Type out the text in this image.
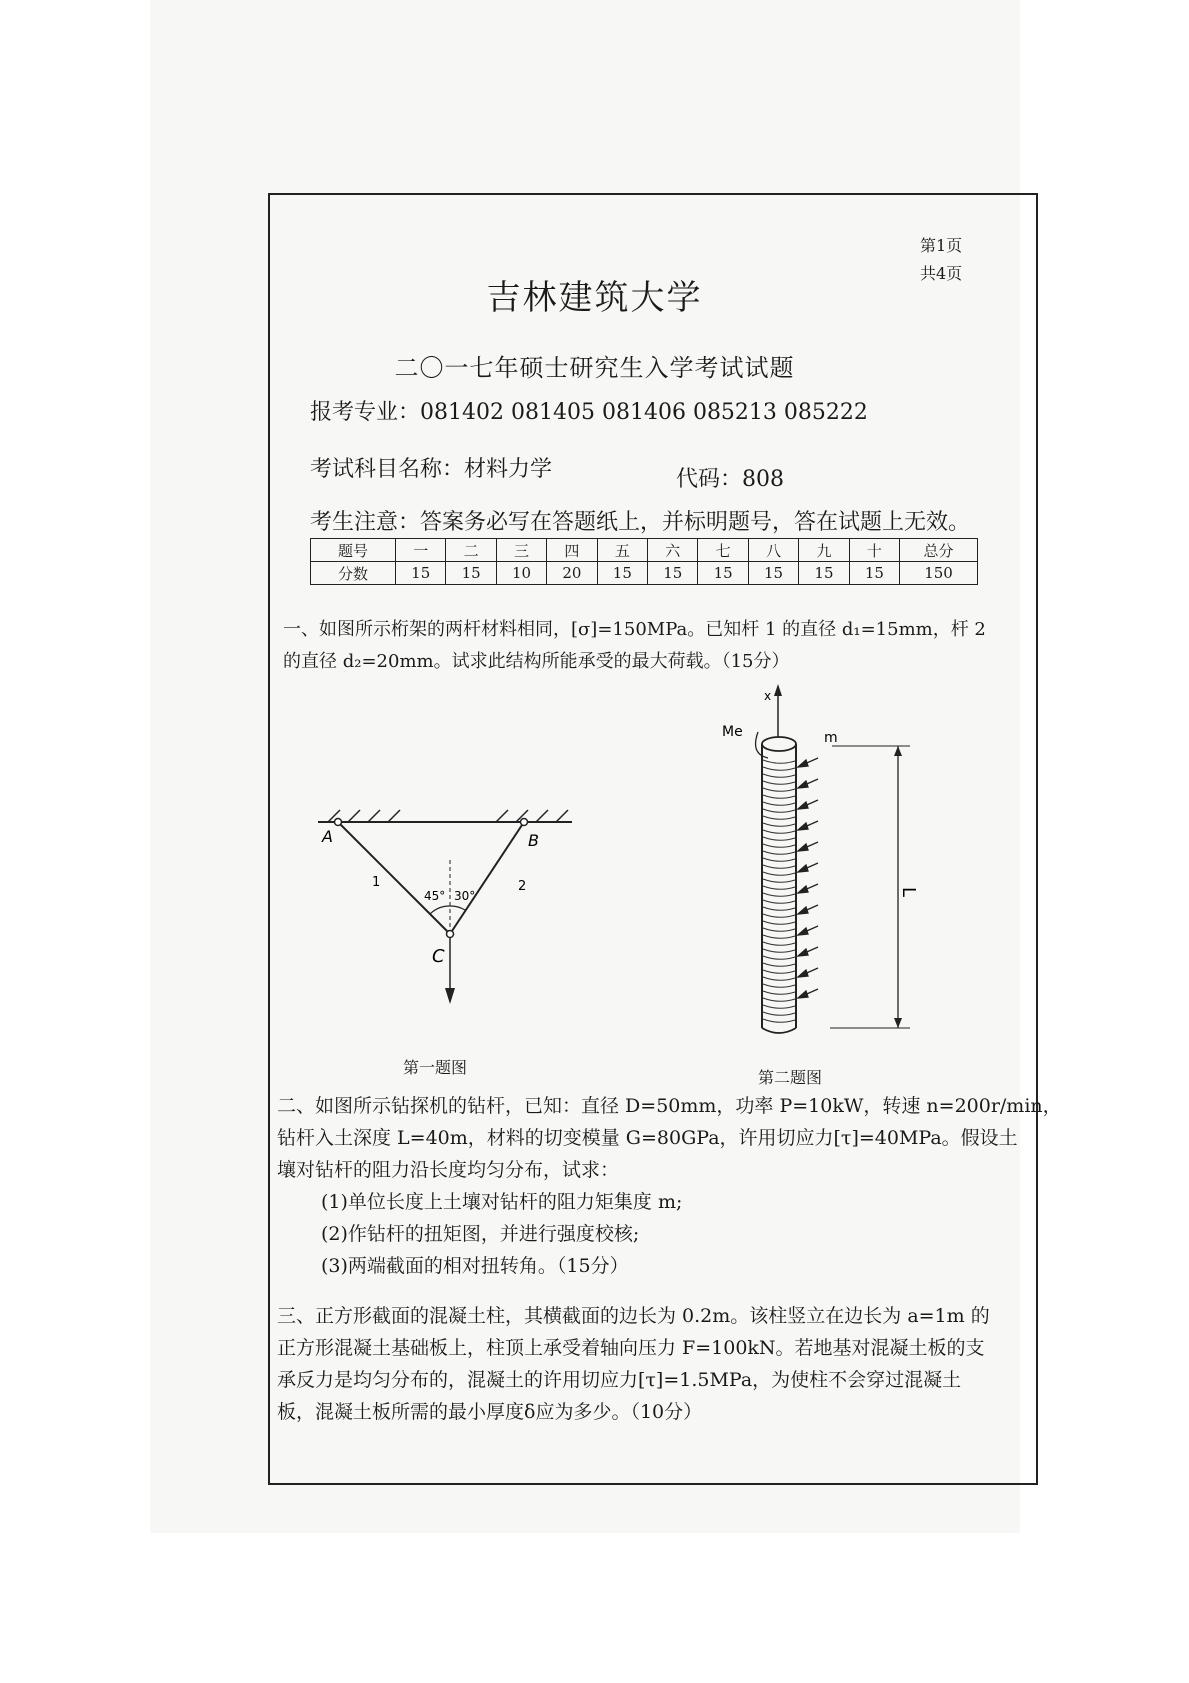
第1页
共4页
吉林建筑大学
二〇一七年硕士研究生入学考试试题
报考专业：081402 081405 081406 085213 085222
考试科目名称：材料力学	代码：808
考生注意：答案务必写在答题纸上，并标明题号，答在试题上无效。
题号	一	二	三	四	五	六	七	八	九	十	总分
分数	15	15	10	20	15	15	15	15	15	15	150

一、如图所示桁架的两杆材料相同，[σ]=150MPa。已知杆 1 的直径 d₁=15mm，杆 2

的直径 d₂=20mm。试求此结构所能承受的最大荷载。（15分）

A	B
C
1	2
45° 30°
x
Me	m
L
第一题图
第二题图

二、如图所示钻探机的钻杆，已知：直径 D=50mm，功率 P=10kW，转速 n=200r/min，

钻杆入土深度 L=40m，材料的切变模量 G=80GPa，许用切应力[τ]=40MPa。假设土

壤对钻杆的阻力沿长度均匀分布，试求：

(1)单位长度上土壤对钻杆的阻力矩集度 m;

(2)作钻杆的扭矩图，并进行强度校核;

(3)两端截面的相对扭转角。（15分）

三、正方形截面的混凝土柱，其横截面的边长为 0.2m。该柱竖立在边长为 a=1m 的

正方形混凝土基础板上，柱顶上承受着轴向压力 F=100kN。若地基对混凝土板的支

承反力是均匀分布的，混凝土的许用切应力[τ]=1.5MPa，为使柱不会穿过混凝土

板，混凝土板所需的最小厚度δ应为多少。（10分）
